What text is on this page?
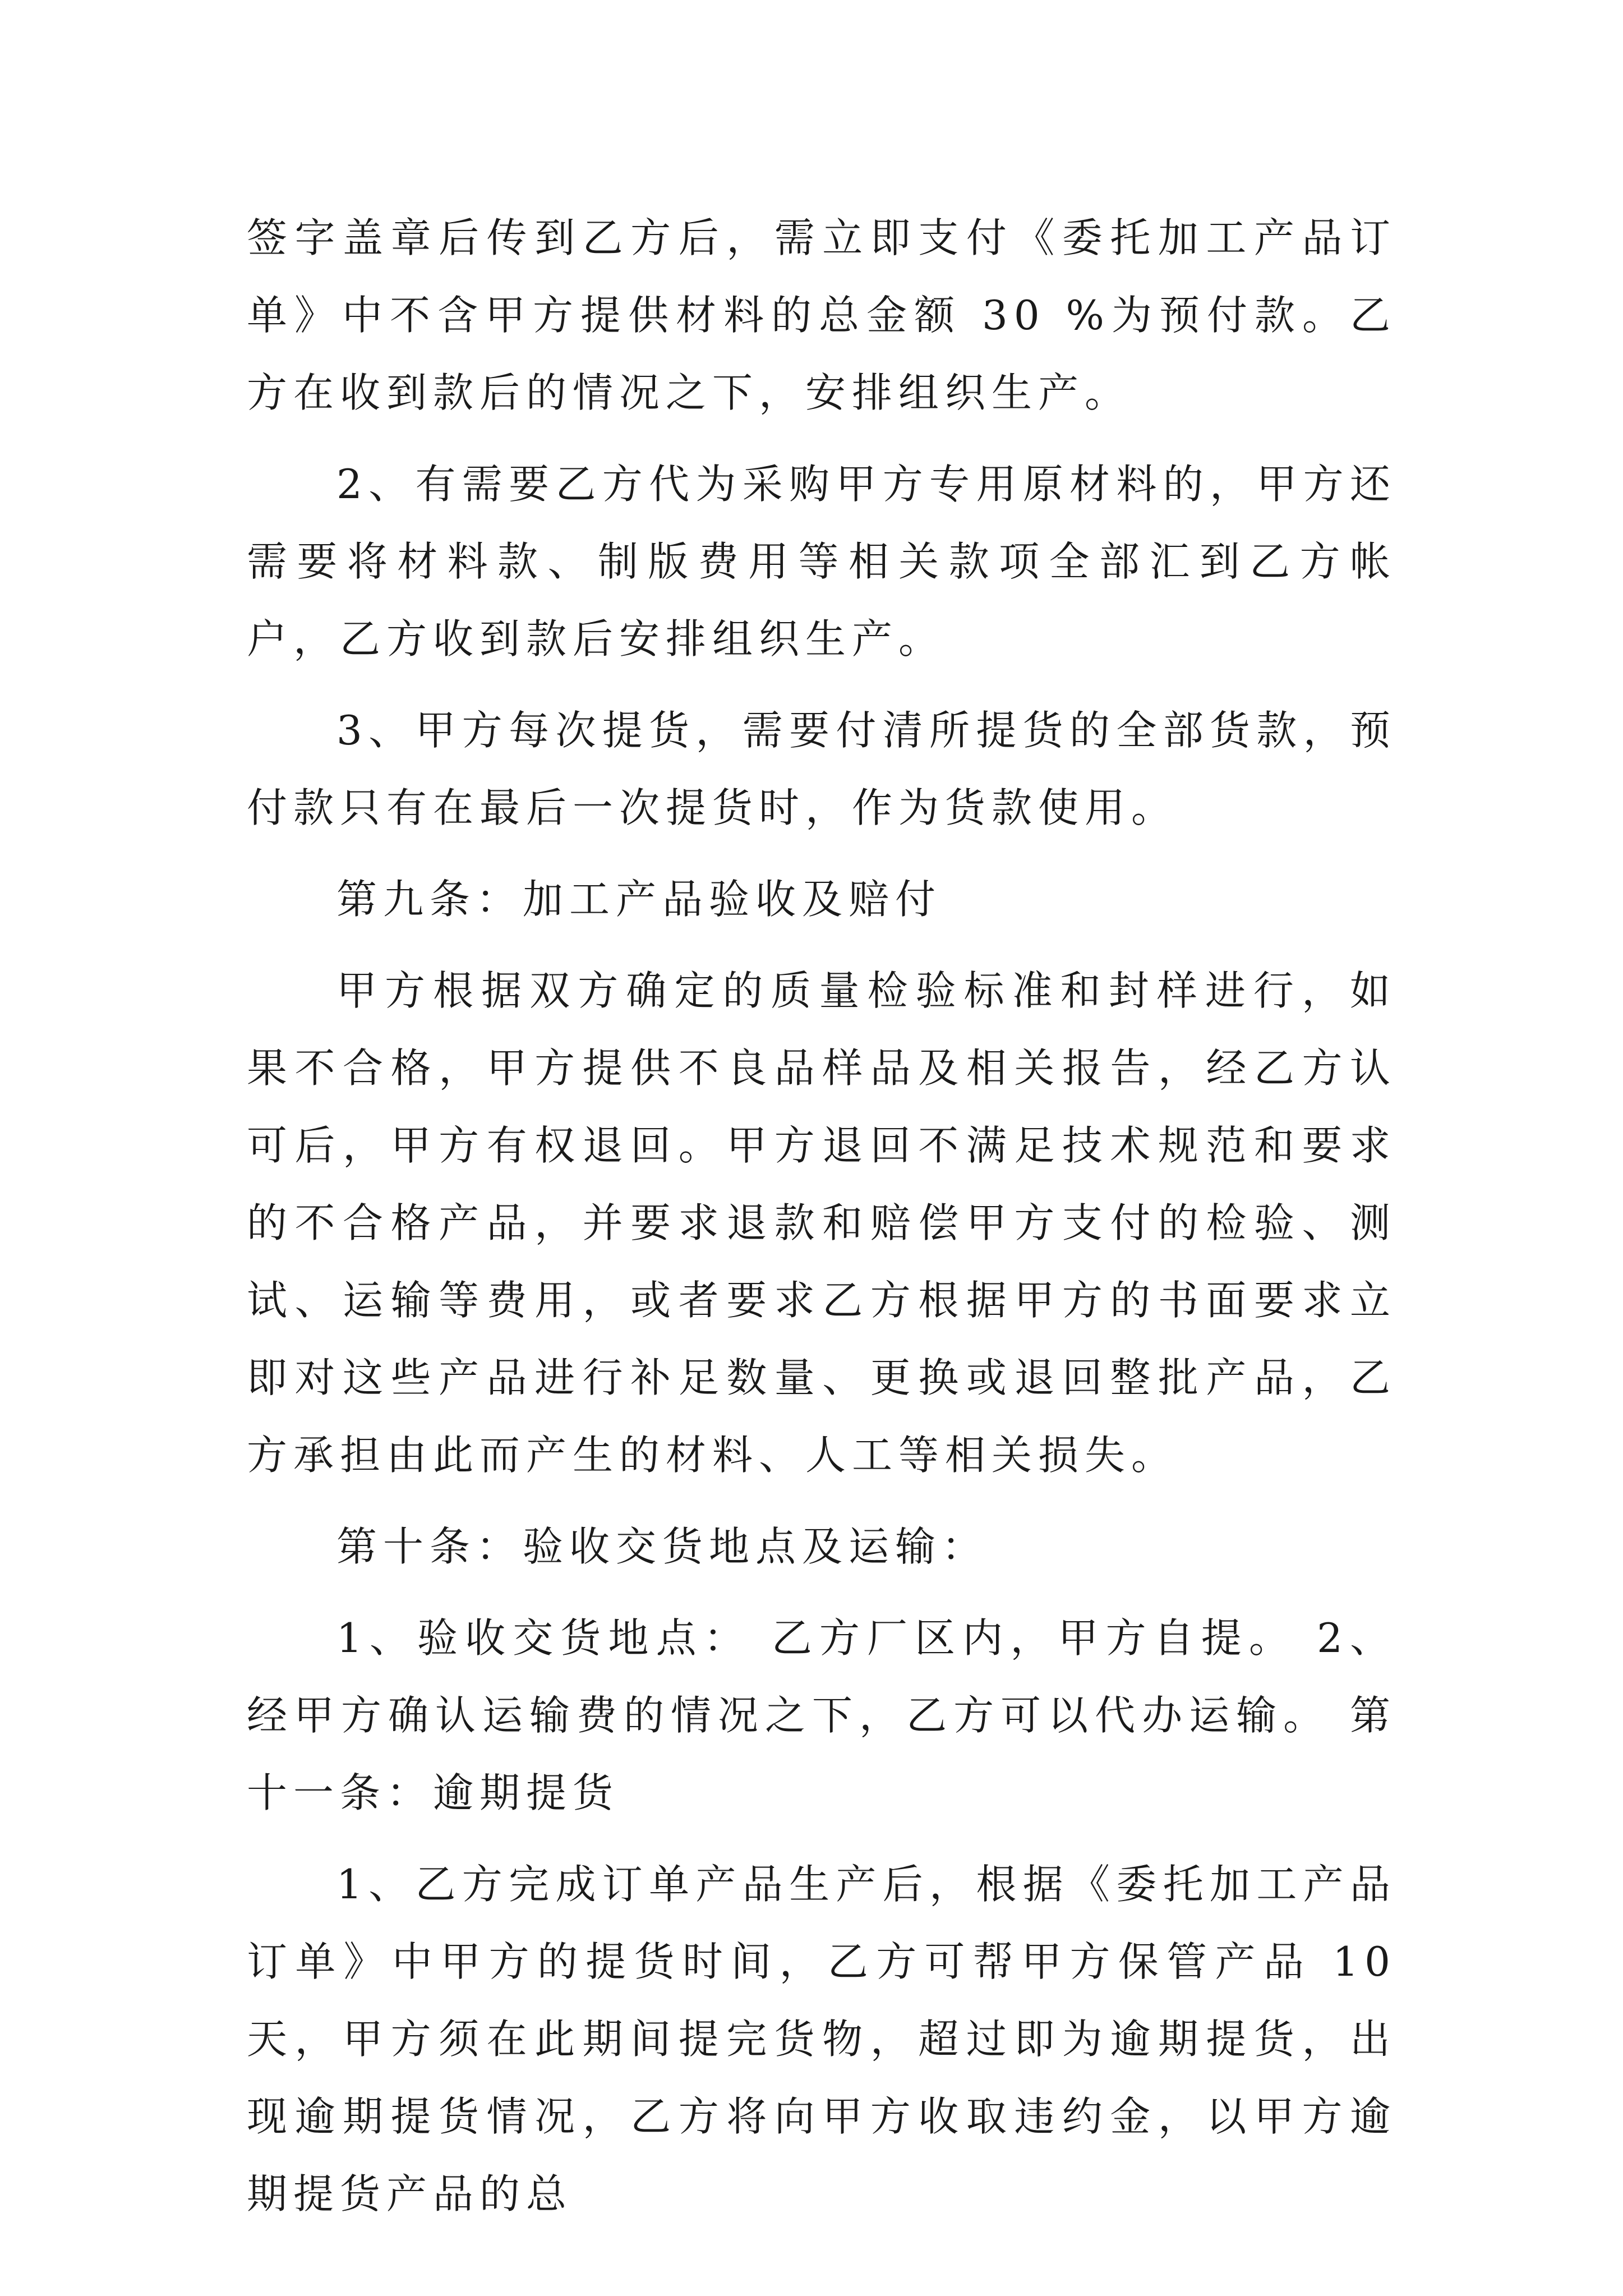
签字盖章后传到乙方后，需立即支付《委托加工产品订单》中不含甲方提供材料的总金额 30 %为预付款。乙方在收到款后的情况之下，安排组织生产。

2、有需要乙方代为采购甲方专用原材料的，甲方还需要将材料款、制版费用等相关款项全部汇到乙方帐户，乙方收到款后安排组织生产。

3、甲方每次提货，需要付清所提货的全部货款，预付款只有在最后一次提货时，作为货款使用。

第九条：加工产品验收及赔付

甲方根据双方确定的质量检验标准和封样进行，如果不合格，甲方提供不良品样品及相关报告，经乙方认可后，甲方有权退回。甲方退回不满足技术规范和要求的不合格产品，并要求退款和赔偿甲方支付的检验、测试、运输等费用，或者要求乙方根据甲方的书面要求立即对这些产品进行补足数量、更换或退回整批产品，乙方承担由此而产生的材料、人工等相关损失。

第十条：验收交货地点及运输：

1、验收交货地点： 乙方厂区内，甲方自提。 2、经甲方确认运输费的情况之下，乙方可以代办运输。 第十一条：逾期提货

1、乙方完成订单产品生产后，根据《委托加工产品订单》中甲方的提货时间，乙方可帮甲方保管产品 10 天，甲方须在此期间提完货物，超过即为逾期提货，出现逾期提货情况，乙方将向甲方收取违约金，以甲方逾期提货产品的总
